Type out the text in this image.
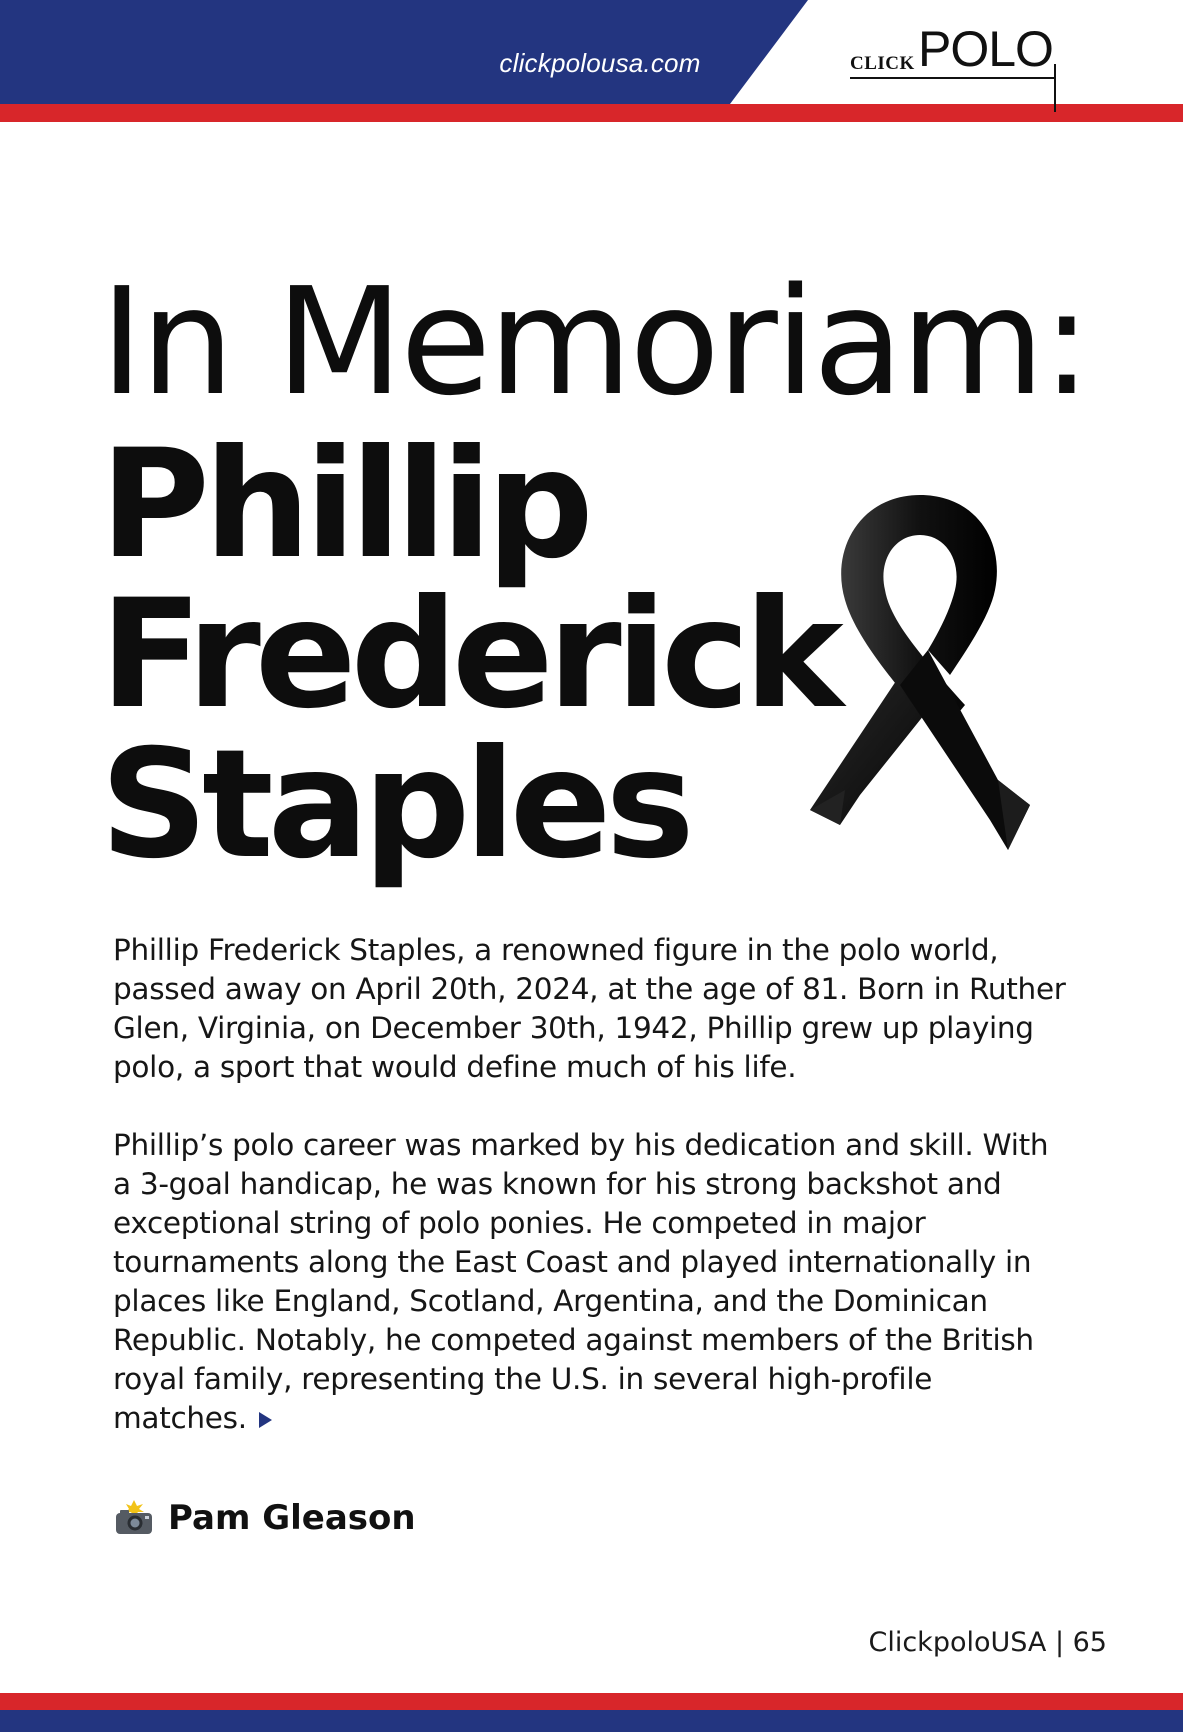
clickpolousa.com	CLICK POLO
In Memoriam:
Phillip
Frederick
Staples
Phillip Frederick Staples, a renowned figure in the polo world, passed away on April 20th, 2024, at the age of 81. Born in Ruther Glen, Virginia, on December 30th, 1942, Phillip grew up playing polo, a sport that would define much of his life.
Phillip’s polo career was marked by his dedication and skill. With a 3-goal handicap, he was known for his strong backshot and exceptional string of polo ponies. He competed in major tournaments along the East Coast and played internationally in places like England, Scotland, Argentina, and the Dominican Republic. Notably, he competed against members of the British royal family, representing the U.S. in several high-profile matches.
Pam Gleason
ClickpoloUSA | 65
